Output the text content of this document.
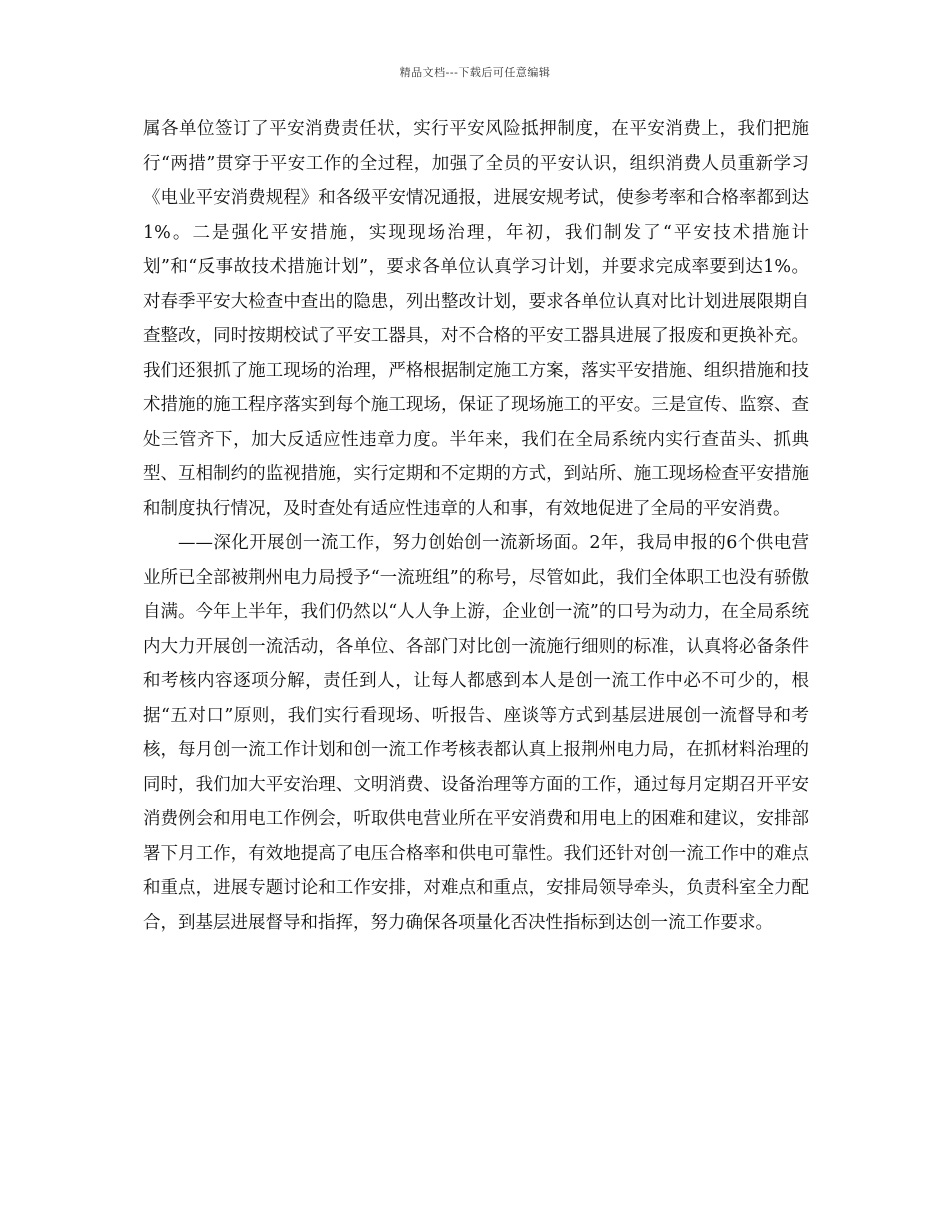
精品文档---下载后可任意编辑

属各单位签订了平安消费责任状，实行平安风险抵押制度，在平安消费上，我们把施行“两措”贯穿于平安工作的全过程，加强了全员的平安认识，组织消费人员重新学习《电业平安消费规程》和各级平安情况通报，进展安规考试，使参考率和合格率都到达1%。二是强化平安措施，实现现场治理，年初，我们制发了“平安技术措施计划”和“反事故技术措施计划”，要求各单位认真学习计划，并要求完成率要到达1%。对春季平安大检查中查出的隐患，列出整改计划，要求各单位认真对比计划进展限期自查整改，同时按期校试了平安工器具，对不合格的平安工器具进展了报废和更换补充。我们还狠抓了施工现场的治理，严格根据制定施工方案，落实平安措施、组织措施和技术措施的施工程序落实到每个施工现场，保证了现场施工的平安。三是宣传、监察、查处三管齐下，加大反适应性违章力度。半年来，我们在全局系统内实行查苗头、抓典型、互相制约的监视措施，实行定期和不定期的方式，到站所、施工现场检查平安措施和制度执行情况，及时查处有适应性违章的人和事，有效地促进了全局的平安消费。

——深化开展创一流工作，努力创始创一流新场面。2年，我局申报的6个供电营业所已全部被荆州电力局授予“一流班组”的称号，尽管如此，我们全体职工也没有骄傲自满。今年上半年，我们仍然以“人人争上游，企业创一流”的口号为动力，在全局系统内大力开展创一流活动，各单位、各部门对比创一流施行细则的标准，认真将必备条件和考核内容逐项分解，责任到人，让每人都感到本人是创一流工作中必不可少的，根据“五对口”原则，我们实行看现场、听报告、座谈等方式到基层进展创一流督导和考核，每月创一流工作计划和创一流工作考核表都认真上报荆州电力局，在抓材料治理的同时，我们加大平安治理、文明消费、设备治理等方面的工作，通过每月定期召开平安消费例会和用电工作例会，听取供电营业所在平安消费和用电上的困难和建议，安排部署下月工作，有效地提高了电压合格率和供电可靠性。我们还针对创一流工作中的难点和重点，进展专题讨论和工作安排，对难点和重点，安排局领导牵头，负责科室全力配合，到基层进展督导和指挥，努力确保各项量化否决性指标到达创一流工作要求。
